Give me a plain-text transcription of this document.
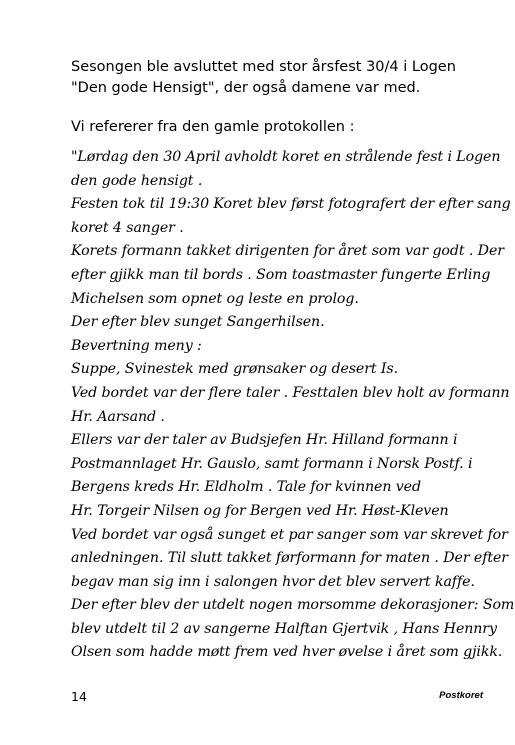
Sesongen ble avsluttet med stor årsfest 30/4 i Logen "Den gode Hensigt", der også damene var med.

Vi refererer fra den gamle protokollen :

"Lørdag den 30 April avholdt koret en strålende fest i Logen
den gode hensigt .
Festen tok til 19:30 Koret blev først fotografert der efter sang
koret 4 sanger .
Korets formann takket dirigenten for året som var godt . Der
efter gjikk man til bords . Som toastmaster fungerte Erling
Michelsen som opnet og leste en prolog.
Der efter blev sunget Sangerhilsen.
Bevertning meny :
Suppe, Svinestek med grønsaker og desert Is.
Ved bordet var der flere taler . Festtalen blev holt av formann
Hr. Aarsand .
Ellers var der taler av Budsjefen Hr. Hilland formann i
Postmannlaget Hr. Gauslo, samt formann i Norsk Postf. i
Bergens kreds Hr. Eldholm . Tale for kvinnen ved
Hr. Torgeir Nilsen og for Bergen ved Hr. Høst-Kleven
Ved bordet var også sunget et par sanger som var skrevet for
anledningen. Til slutt takket førformann for maten . Der efter
begav man sig inn i salongen hvor det blev servert kaffe.
Der efter blev der utdelt nogen morsomme dekorasjoner: Som
blev utdelt til 2 av sangerne Halftan Gjertvik , Hans Hennry
Olsen som hadde møtt frem ved hver øvelse i året som gjikk.
14	Postkoret
